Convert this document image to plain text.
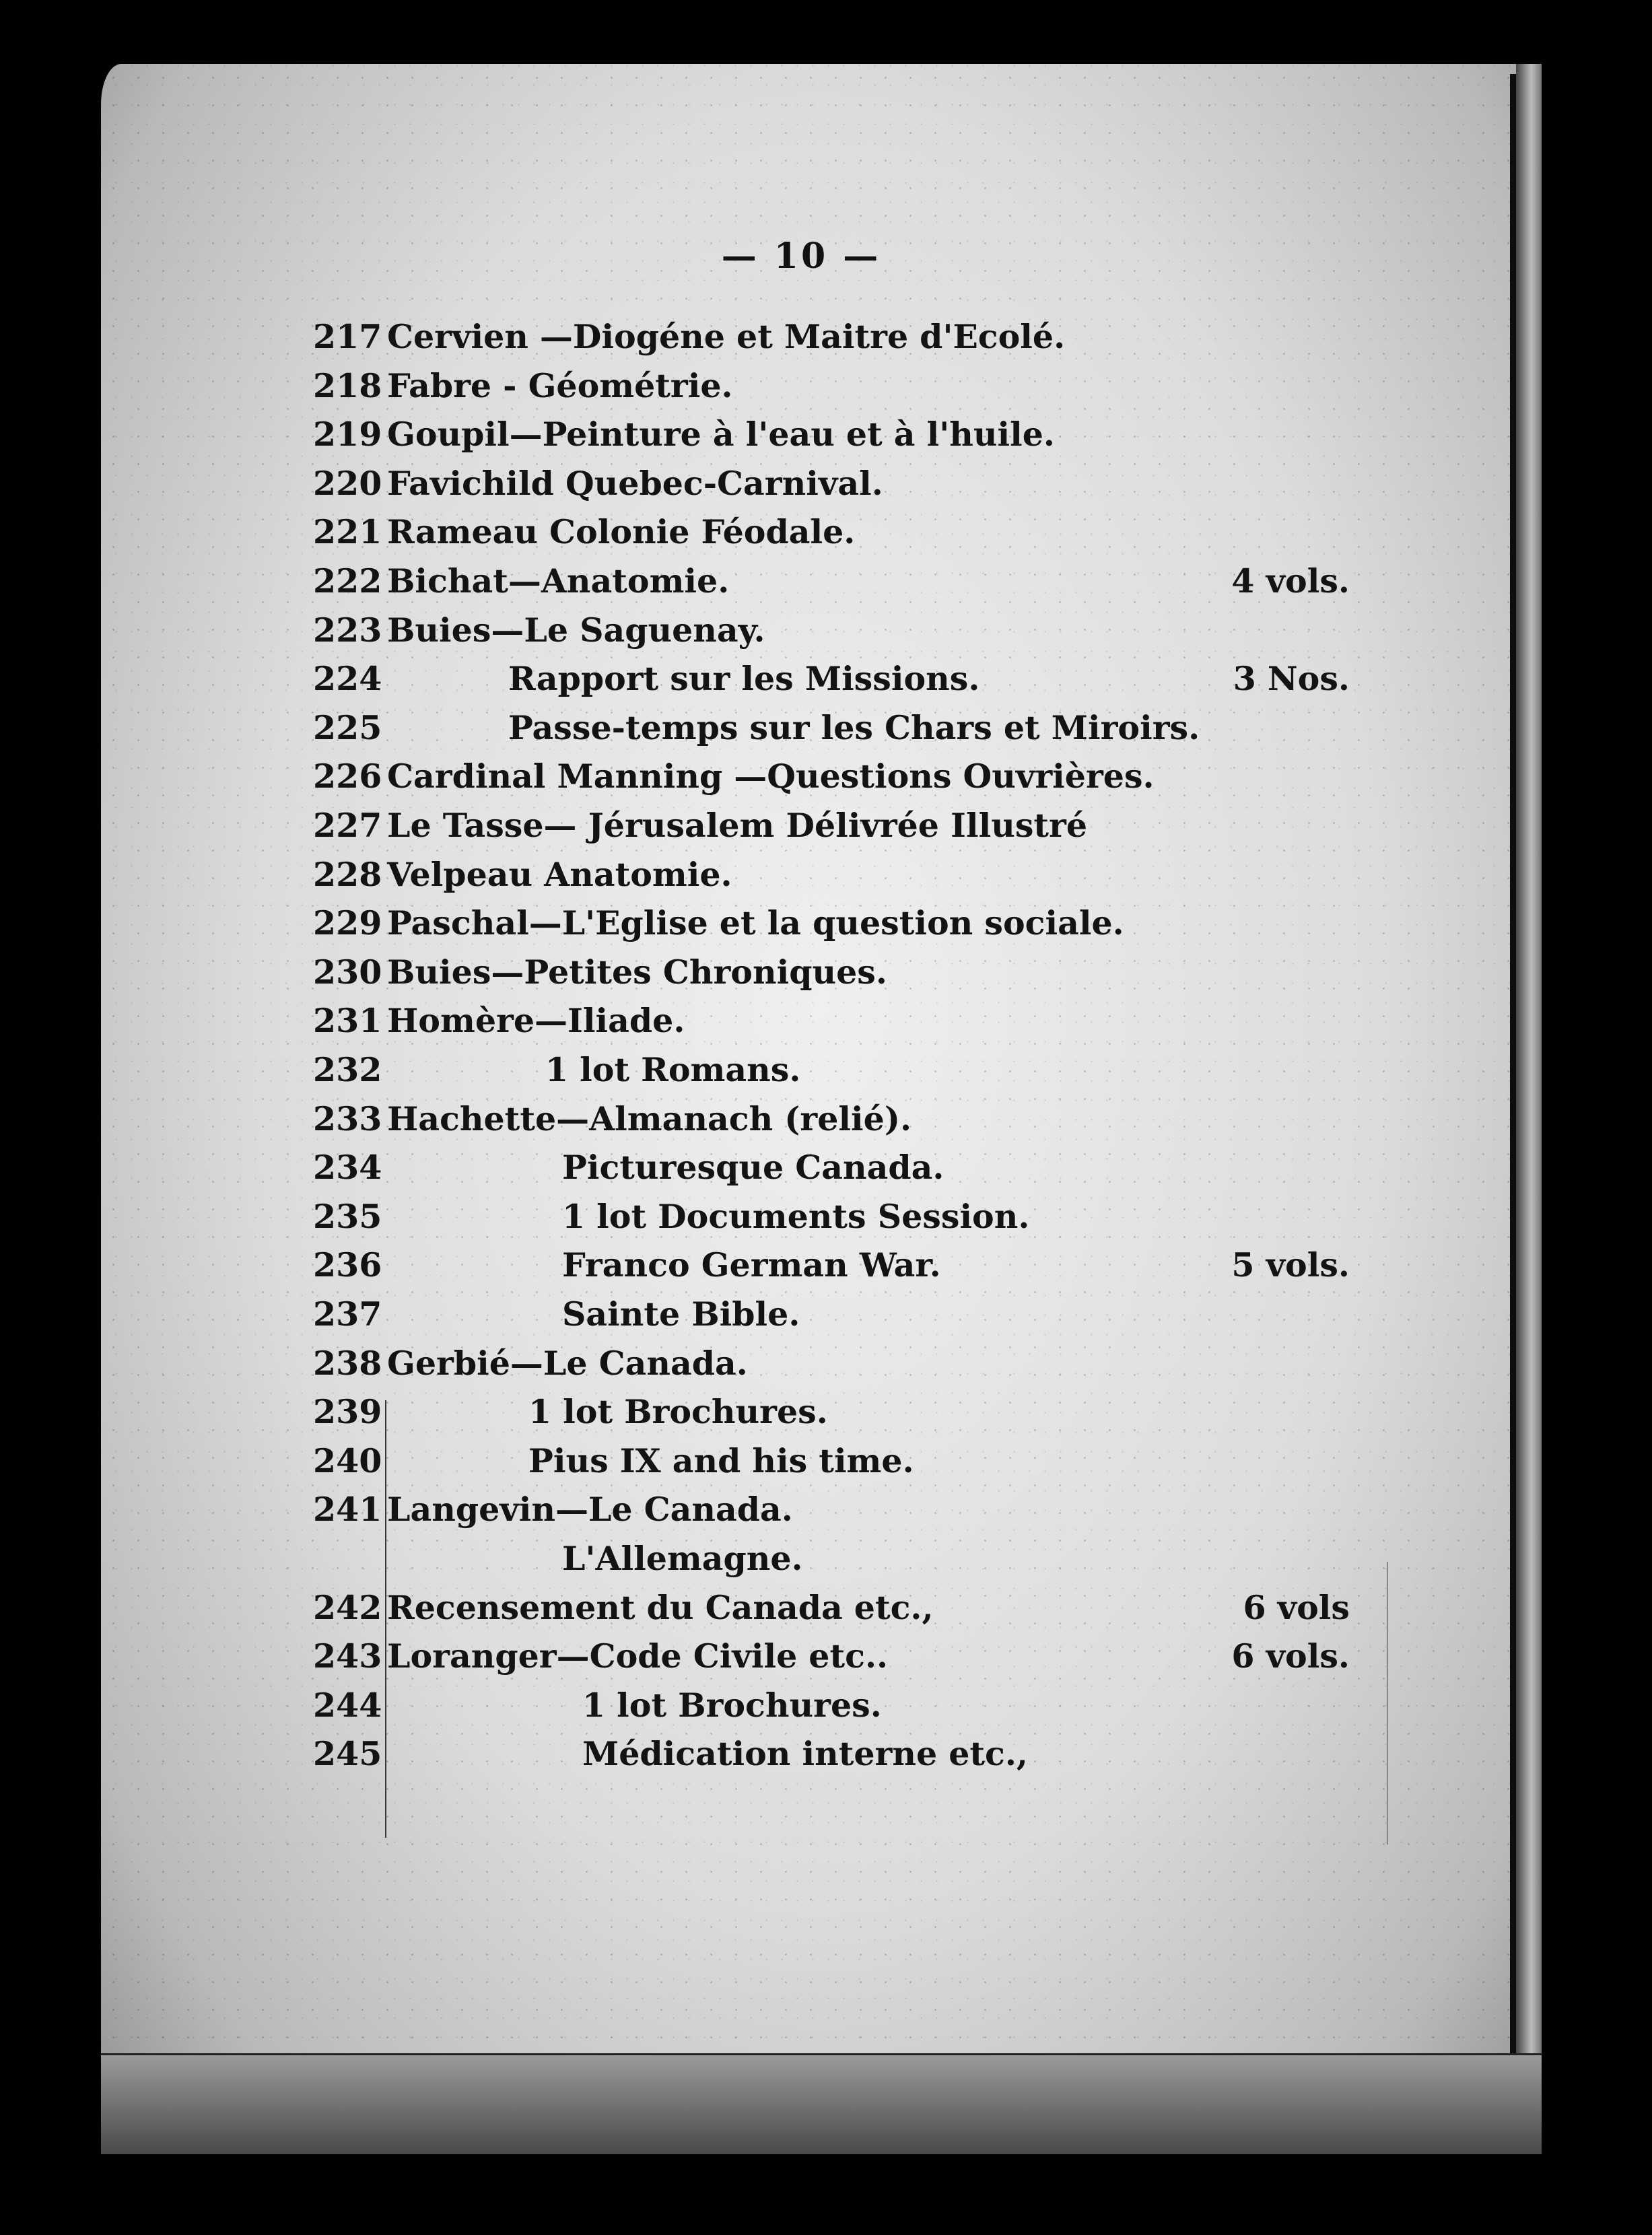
— 10 —
217 Cervien —Diogéne et Maitre d'Ecolé.
218 Fabre - Géométrie.
219 Goupil—Peinture à l'eau et à l'huile.
220 Favichild Quebec-Carnival.
221 Rameau Colonie Féodale.
222 Bichat—Anatomie.	4 vols.
223 Buies—Le Saguenay.
224	Rapport sur les Missions.	3 Nos.
225	Passe-temps sur les Chars et Miroirs.
226 Cardinal Manning —Questions Ouvrières.
227 Le Tasse— Jérusalem Délivrée Illustré
228 Velpeau Anatomie.
229 Paschal—L'Eglise et la question sociale.
230 Buies—Petites Chroniques.
231 Homère—Iliade.
232	1 lot Romans.
233 Hachette—Almanach (relié).
234	Picturesque Canada.
235	1 lot Documents Session.
236	Franco German War.	5 vols.
237	Sainte Bible.
238 Gerbié—Le Canada.
239	1 lot Brochures.
240	Pius IX and his time.
241 Langevin—Le Canada.
L'Allemagne.
242 Recensement du Canada etc.,	6 vols
243 Loranger—Code Civile etc..	6 vols.
244	1 lot Brochures.
245	Médication interne etc.,
